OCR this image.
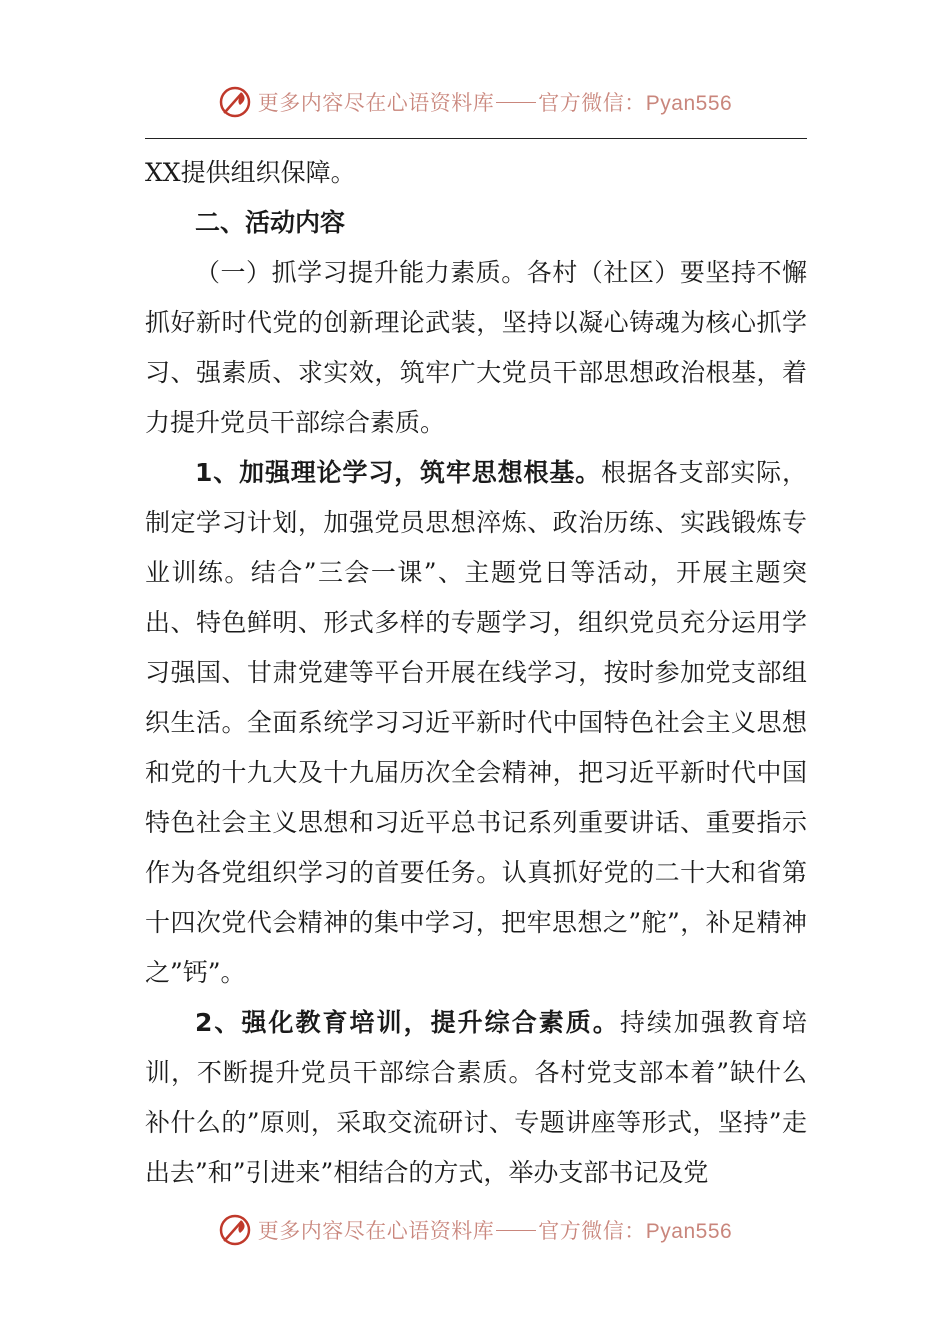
更多内容尽在心语资料库 官方微信：Pyan556

XX提供组织保障。

二、活动内容

（一）抓学习提升能力素质。各村（社区）要坚持不懈抓好新时代党的创新理论武装，坚持以凝心铸魂为核心抓学习、强素质、求实效，筑牢广大党员干部思想政治根基，着力提升党员干部综合素质。

1、加强理论学习，筑牢思想根基。根据各支部实际，制定学习计划，加强党员思想淬炼、政治历练、实践锻炼专业训练。结合”三会一课”、主题党日等活动，开展主题突出、特色鲜明、形式多样的专题学习，组织党员充分运用学习强国、甘肃党建等平台开展在线学习，按时参加党支部组织生活。全面系统学习习近平新时代中国特色社会主义思想和党的十九大及十九届历次全会精神，把习近平新时代中国特色社会主义思想和习近平总书记系列重要讲话、重要指示作为各党组织学习的首要任务。认真抓好党的二十大和省第十四次党代会精神的集中学习，把牢思想之”舵”，补足精神之”钙”。

2、强化教育培训，提升综合素质。持续加强教育培训，不断提升党员干部综合素质。各村党支部本着”缺什么补什么的”原则，采取交流研讨、专题讲座等形式，坚持”走出去”和”引进来”相结合的方式，举办支部书记及党

更多内容尽在心语资料库 官方微信：Pyan556
